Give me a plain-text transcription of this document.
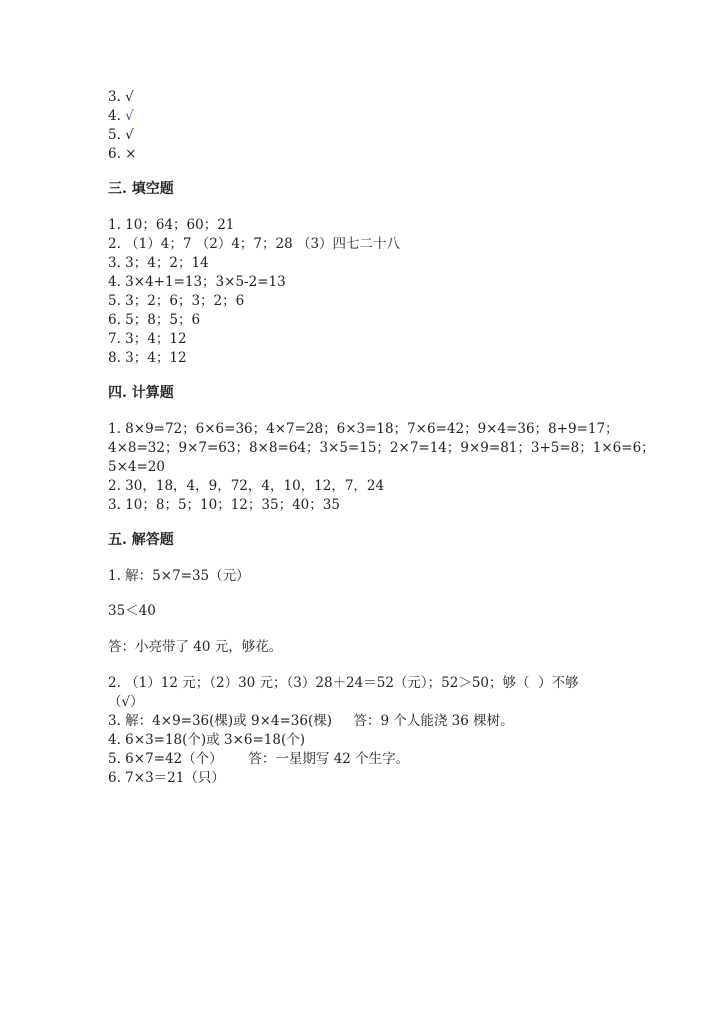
3. √
4. √
5. √
6. ×
三. 填空题
1. 10；64；60；21
2. （1）4；7 （2）4；7；28 （3）四七二十八
3. 3；4；2；14
4. 3×4+1=13；3×5-2=13
5. 3；2；6；3；2；6
6. 5；8；5；6
7. 3；4；12
8. 3；4；12
四. 计算题
1. 8×9=72；6×6=36；4×7=28；6×3=18；7×6=42；9×4=36；8+9=17；
4×8=32；9×7=63；8×8=64；3×5=15；2×7=14；9×9=81；3+5=8；1×6=6；
5×4=20
2. 30，18，4，9，72，4，10，12，7，24
3. 10；8；5；10；12；35；40；35
五. 解答题
1. 解：5×7=35（元）
35＜40
答：小亮带了 40 元，够花。
2. （1）12 元；（2）30 元；（3）28＋24＝52（元）；52＞50；够（  ）不够
（√）
3. 解：4×9=36(棵)或 9×4=36(棵)     答：9 个人能浇 36 棵树。
4. 6×3=18(个)或 3×6=18(个)
5. 6×7=42（个）      答：一星期写 42 个生字。
6. 7×3＝21（只）
